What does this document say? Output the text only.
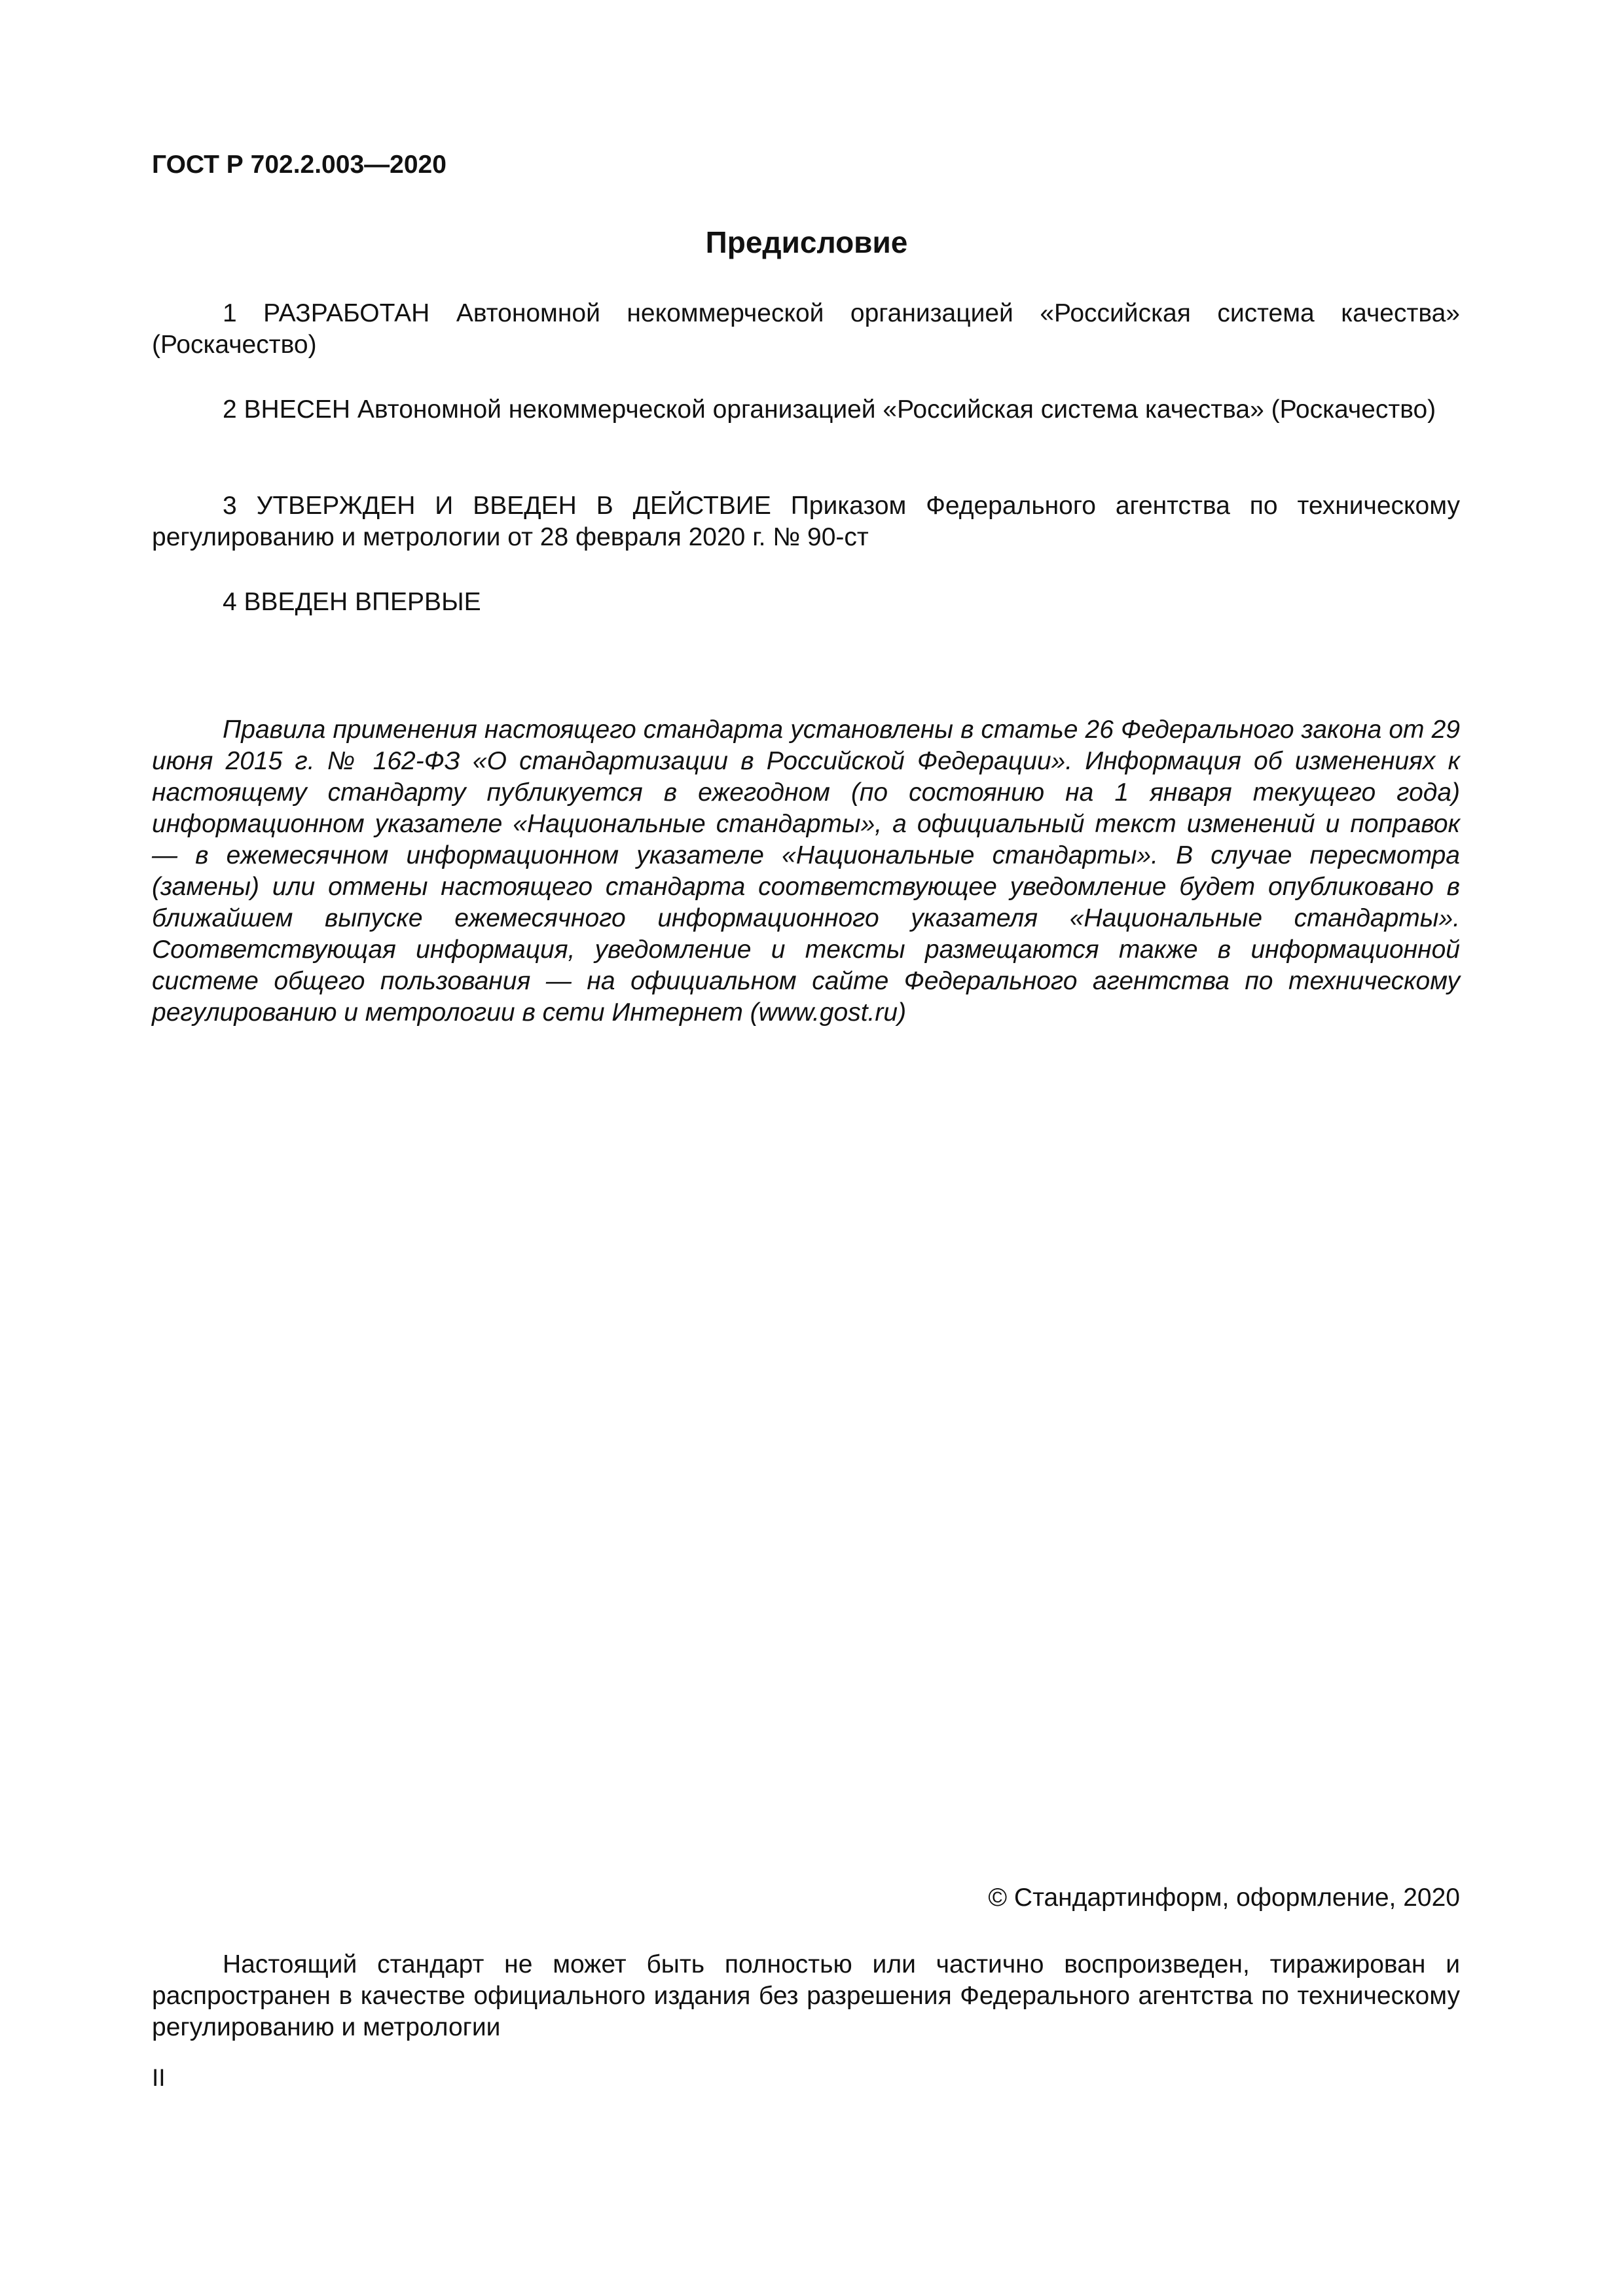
ГОСТ Р 702.2.003—2020
Предисловие

1 РАЗРАБОТАН Автономной некоммерческой организацией «Российская система качества» (Роскачество)

2 ВНЕСЕН Автономной некоммерческой организацией «Российская система качества» (Роскачество)

3 УТВЕРЖДЕН И ВВЕДЕН В ДЕЙСТВИЕ Приказом Федерального агентства по техническому регулированию и метрологии от 28 февраля 2020 г. № 90-ст

4 ВВЕДЕН ВПЕРВЫЕ

Правила применения настоящего стандарта установлены в статье 26 Федерального закона от 29 июня 2015 г. № 162-ФЗ «О стандартизации в Российской Федерации». Информация об изменениях к настоящему стандарту публикуется в ежегодном (по состоянию на 1 января текущего года) информационном указателе «Национальные стандарты», а официальный текст изменений и поправок — в ежемесячном информационном указателе «Национальные стандарты». В случае пересмотра (замены) или отмены настоящего стандарта соответствующее уведомление будет опубликовано в ближайшем выпуске ежемесячного информационного указателя «Национальные стандарты». Соответствующая информация, уведомление и тексты размещаются также в информационной системе общего пользования — на официальном сайте Федерального агентства по техническому регулированию и метрологии в сети Интернет (www.gost.ru)

© Стандартинформ, оформление, 2020

Настоящий стандарт не может быть полностью или частично воспроизведен, тиражирован и распространен в качестве официального издания без разрешения Федерального агентства по техническому регулированию и метрологии

II
